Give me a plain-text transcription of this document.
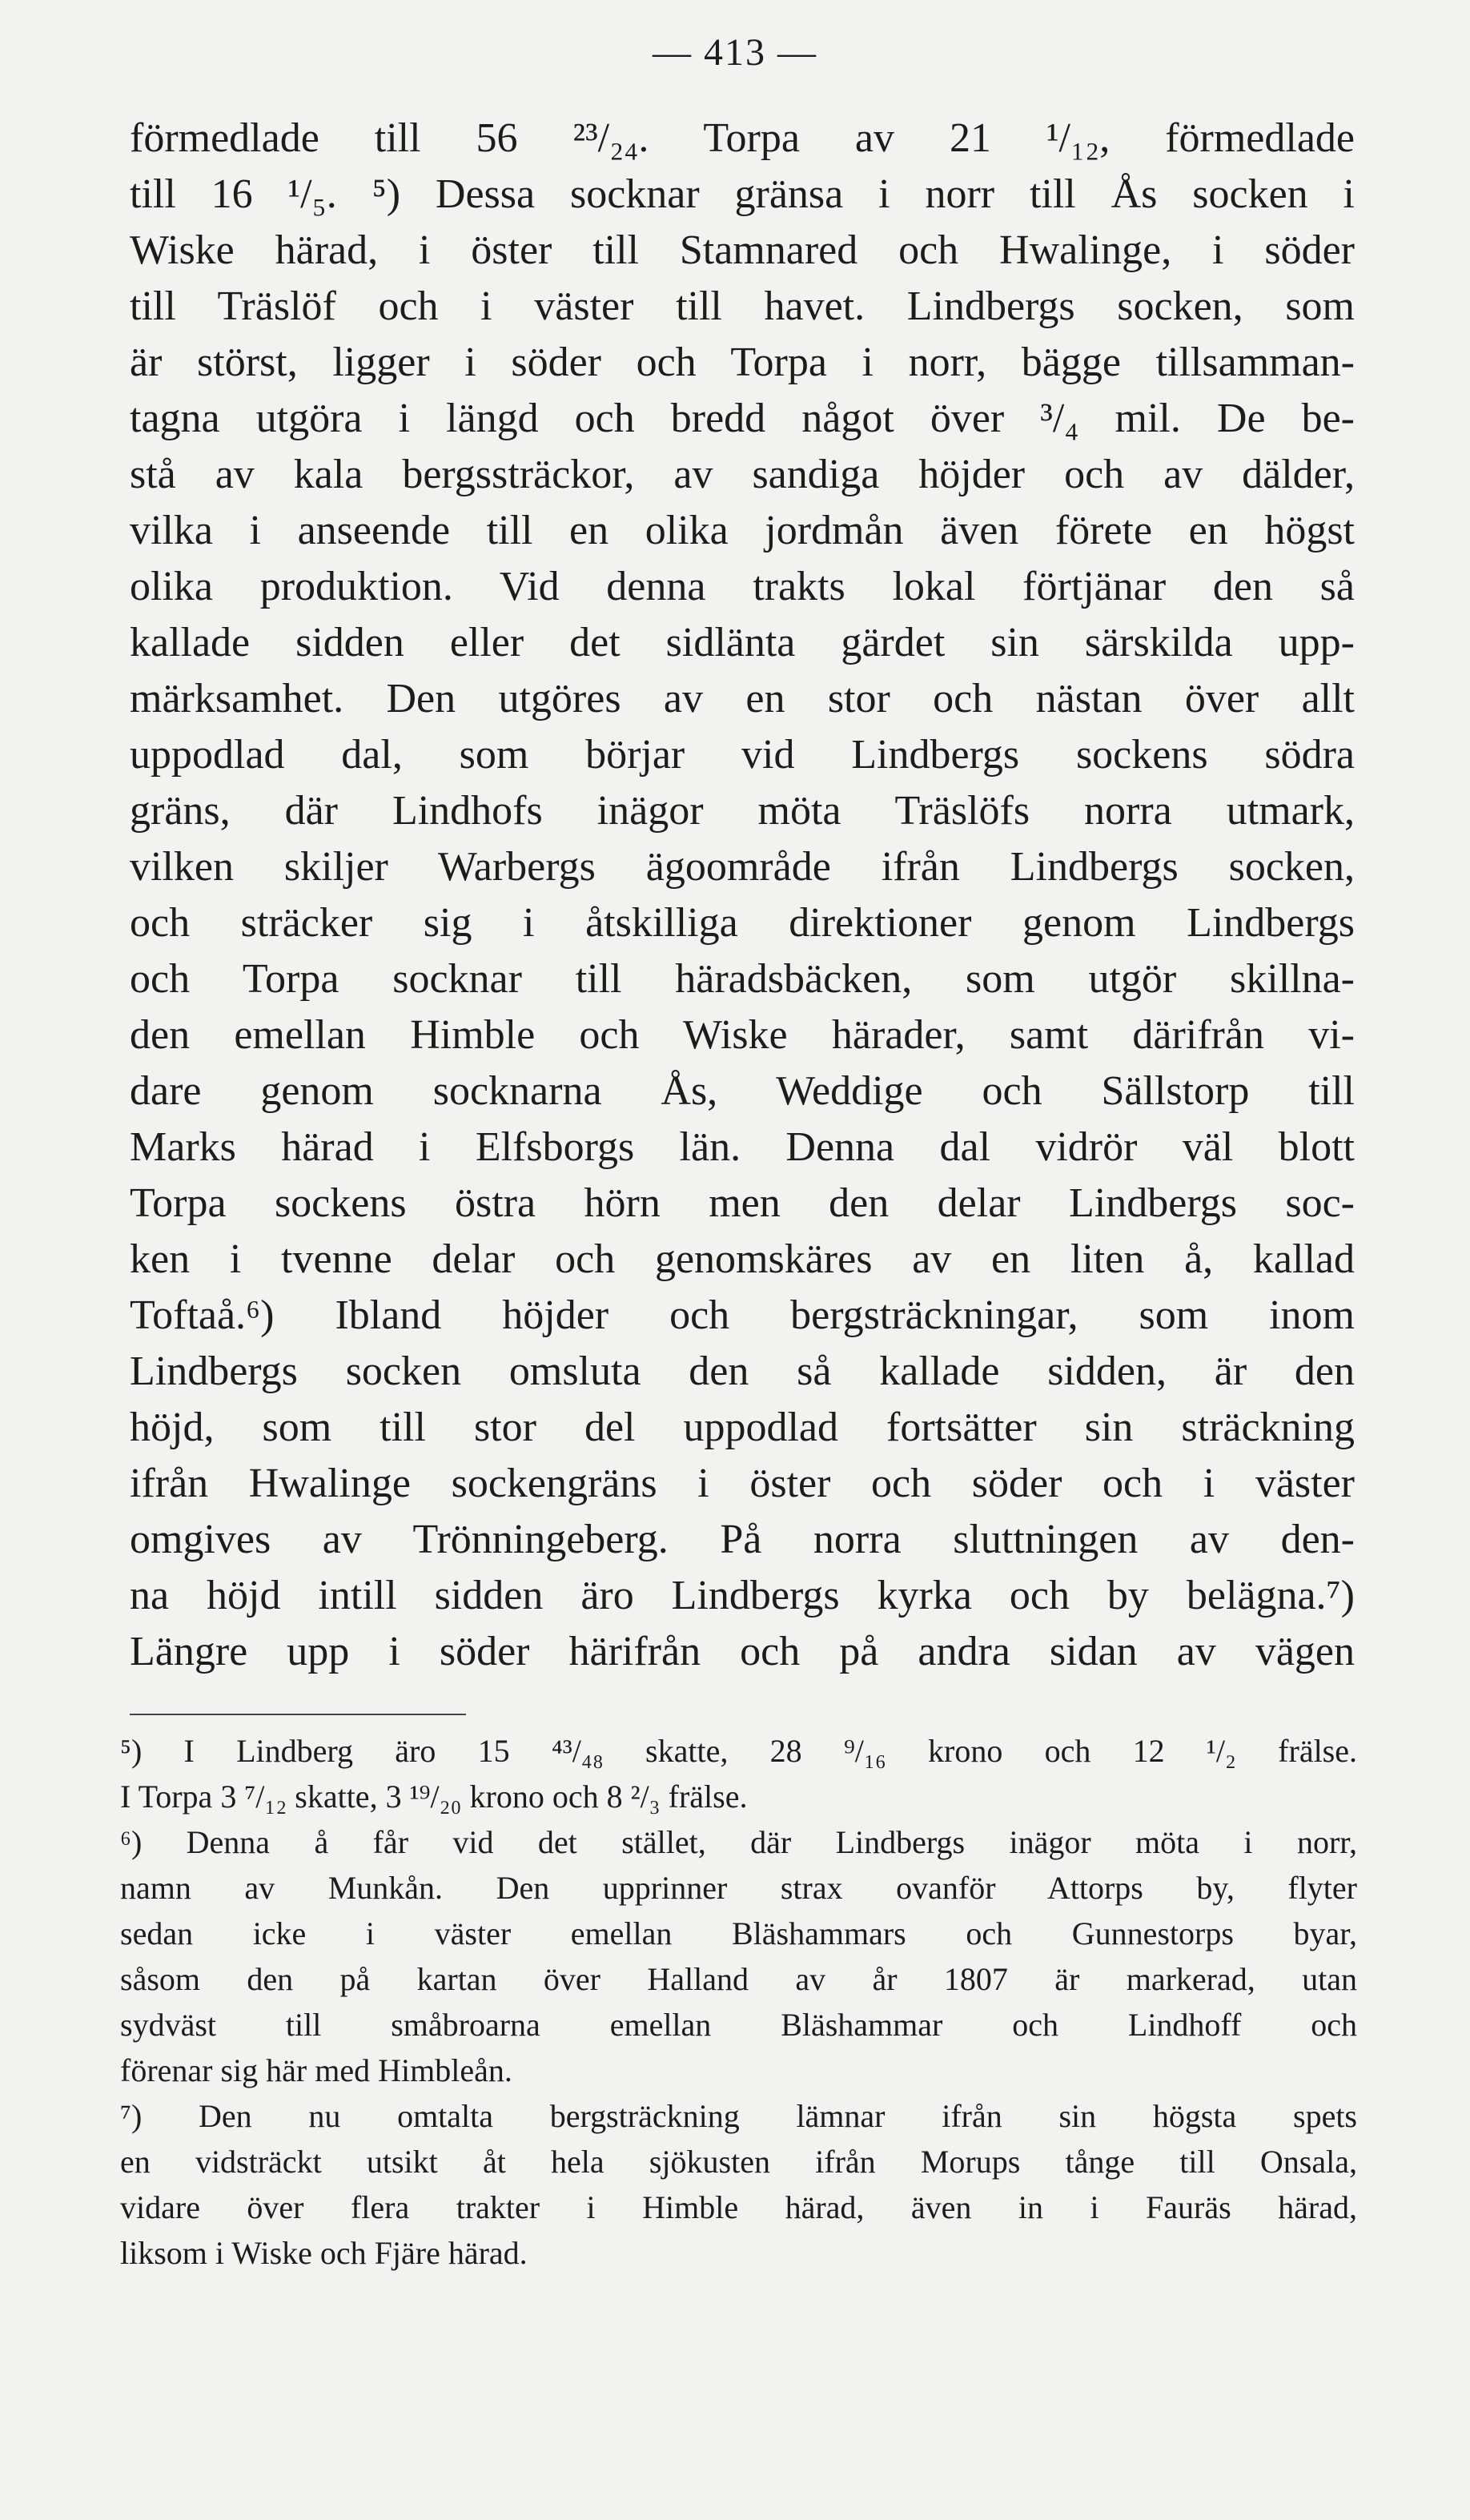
— 413 —
förmedlade till 56 ²³/₂₄. Torpa av 21 ¹/₁₂, förmedlade
till 16 ¹/₅. ⁵) Dessa socknar gränsa i norr till Ås socken i
Wiske härad, i öster till Stamnared och Hwalinge, i söder
till Träslöf och i väster till havet. Lindbergs socken, som
är störst, ligger i söder och Torpa i norr, bägge tillsamman-
tagna utgöra i längd och bredd något över ³/₄ mil. De be-
stå av kala bergssträckor, av sandiga höjder och av dälder,
vilka i anseende till en olika jordmån även förete en högst
olika produktion. Vid denna trakts lokal förtjänar den så
kallade sidden eller det sidlänta gärdet sin särskilda upp-
märksamhet. Den utgöres av en stor och nästan över allt
uppodlad dal, som börjar vid Lindbergs sockens södra
gräns, där Lindhofs inägor möta Träslöfs norra utmark,
vilken skiljer Warbergs ägoområde ifrån Lindbergs socken,
och sträcker sig i åtskilliga direktioner genom Lindbergs
och Torpa socknar till häradsbäcken, som utgör skillna-
den emellan Himble och Wiske härader, samt därifrån vi-
dare genom socknarna Ås, Weddige och Sällstorp till
Marks härad i Elfsborgs län. Denna dal vidrör väl blott
Torpa sockens östra hörn men den delar Lindbergs soc-
ken i tvenne delar och genomskäres av en liten å, kallad
Toftaå.⁶) Ibland höjder och bergsträckningar, som inom
Lindbergs socken omsluta den så kallade sidden, är den
höjd, som till stor del uppodlad fortsätter sin sträckning
ifrån Hwalinge sockengräns i öster och söder och i väster
omgives av Trönningeberg. På norra sluttningen av den-
na höjd intill sidden äro Lindbergs kyrka och by belägna.⁷)
Längre upp i söder härifrån och på andra sidan av vägen
⁵) I Lindberg äro 15 ⁴³/₄₈ skatte, 28 ⁹/₁₆ krono och 12 ¹/₂ frälse.
I Torpa 3 ⁷/₁₂ skatte, 3 ¹⁹/₂₀ krono och 8 ²/₃ frälse.
⁶) Denna å får vid det stället, där Lindbergs inägor möta i norr,
namn av Munkån. Den upprinner strax ovanför Attorps by, flyter
sedan icke i väster emellan Bläshammars och Gunnestorps byar,
såsom den på kartan över Halland av år 1807 är markerad, utan
sydväst till småbroarna emellan Bläshammar och Lindhoff och
förenar sig här med Himbleån.
⁷) Den nu omtalta bergsträckning lämnar ifrån sin högsta spets
en vidsträckt utsikt åt hela sjökusten ifrån Morups tånge till Onsala,
vidare över flera trakter i Himble härad, även in i Fauräs härad,
liksom i Wiske och Fjäre härad.
